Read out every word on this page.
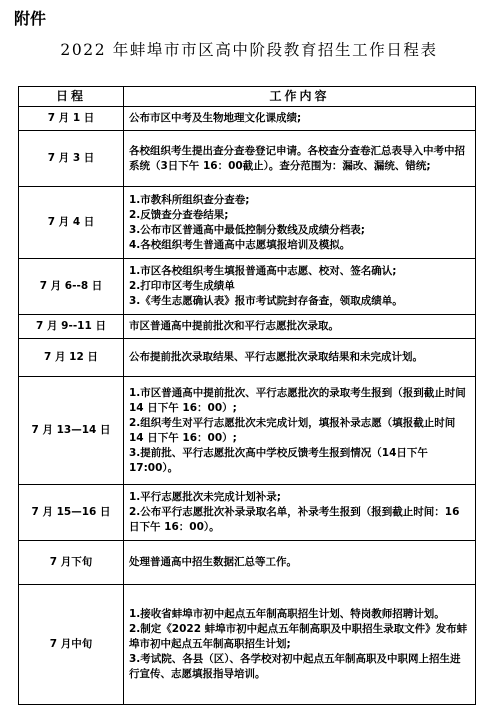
附件
2022 年蚌埠市市区高中阶段教育招生工作日程表
日程	工作内容
7 月 1 日	公布市区中考及生物地理文化课成绩;

7 月 3 日	各校组织考生提出查分查卷登记申请。各校查分查卷汇总表导入中考中招系统（3日下午 16：00截止）。查分范围为：漏改、漏统、错统;

7 月 4 日	1.市教科所组织查分查卷;
2.反馈查分查卷结果;
3.公布市区普通高中最低控制分数线及成绩分档表;
4.各校组织考生普通高中志愿填报培训及模拟。

7 月 6--8 日	1.市区各校组织考生填报普通高中志愿、校对、签名确认;
2.打印市区考生成绩单
3.《考生志愿确认表》报市考试院封存备查，领取成绩单。

7 月 9--11 日	市区普通高中提前批次和平行志愿批次录取。

7 月 12 日	公布提前批次录取结果、平行志愿批次录取结果和未完成计划。

7 月 13—14 日	1.市区普通高中提前批次、平行志愿批次的录取考生报到（报到截止时间 14 日下午 16：00）;
2.组织考生对平行志愿批次未完成计划，填报补录志愿（填报截止时间 14 日下午 16：00）;
3.提前批、平行志愿批次高中学校反馈考生报到情况（14日下午 17:00）。

7 月 15—16 日	1.平行志愿批次未完成计划补录;
2.公布平行志愿批次补录录取名单，补录考生报到（报到截止时间：16 日下午 16：00）。

7 月下旬	处理普通高中招生数据汇总等工作。

7 月中旬	1.接收省蚌埠市初中起点五年制高职招生计划、特岗教师招聘计划。
2.制定《2022 蚌埠市初中起点五年制高职及中职招生录取文件》发布蚌埠市初中起点五年制高职招生计划;
3.考试院、各县（区）、各学校对初中起点五年制高职及中职网上招生进行宣传、志愿填报指导培训。
